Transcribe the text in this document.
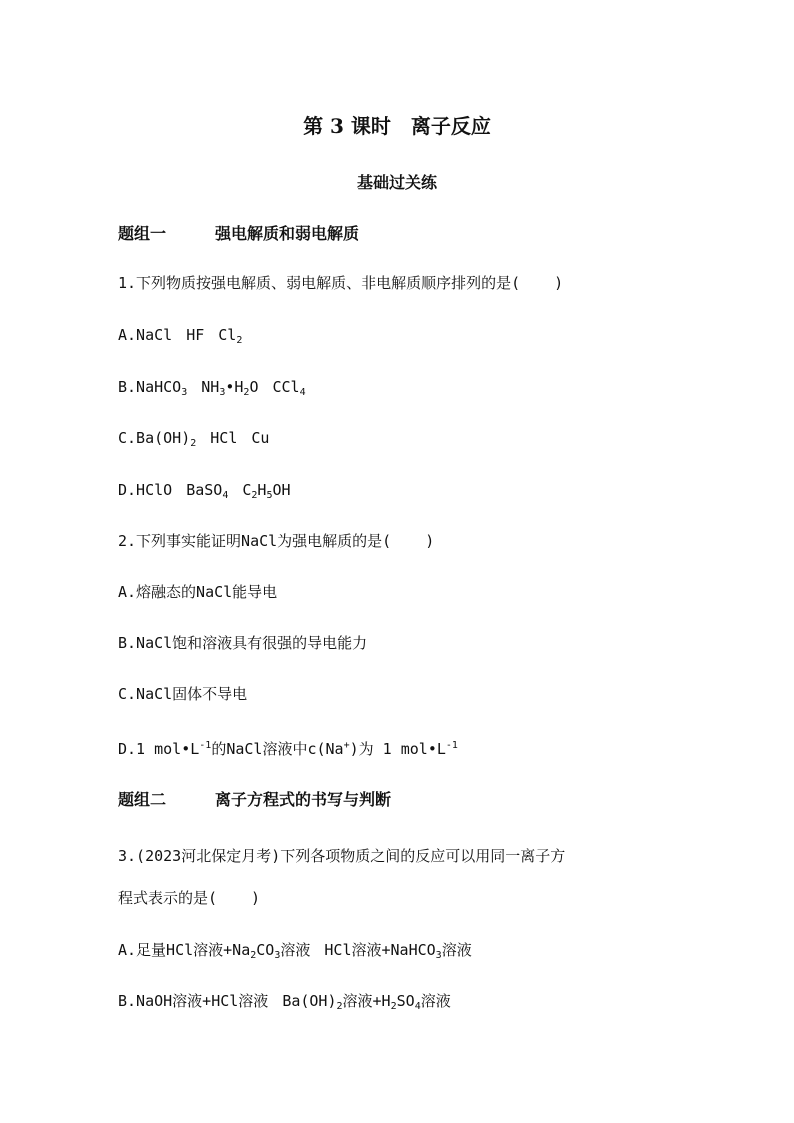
第 3 课时　离子反应
基础过关练
题组一	强电解质和弱电解质
1.下列物质按强电解质、弱电解质、非电解质顺序排列的是( )
A.NaCl HF $Cl_2$
B.NaHCO$_3$ $NH_3•H_2O$ CCl$_4$
$C.Ba(OH)_2$ HCl Cu
D.HClO BaSO$_4$ $C_2H_5OH$
2.下列事实能证明NaCl为强电解质的是( )
A.熔融态的NaCl能导电
B.NaCl饱和溶液具有很强的导电能力
C.NaCl固体不导电
D.1 $mol•L^{-1}$的NaCl溶液中c(Na+)为 1 $mol•L^{-1}$
题组二	离子方程式的书写与判断
3.(2023河北保定月考)下列各项物质之间的反应可以用同一离子方
程式表示的是( )
A.足量HCl溶液$+Na_2CO_3$溶液 HCl溶液+NaHCO$_3$溶液
B.NaOH溶液+HCl溶液 $Ba(OH)_2$溶液$+H_2SO_4$溶液
